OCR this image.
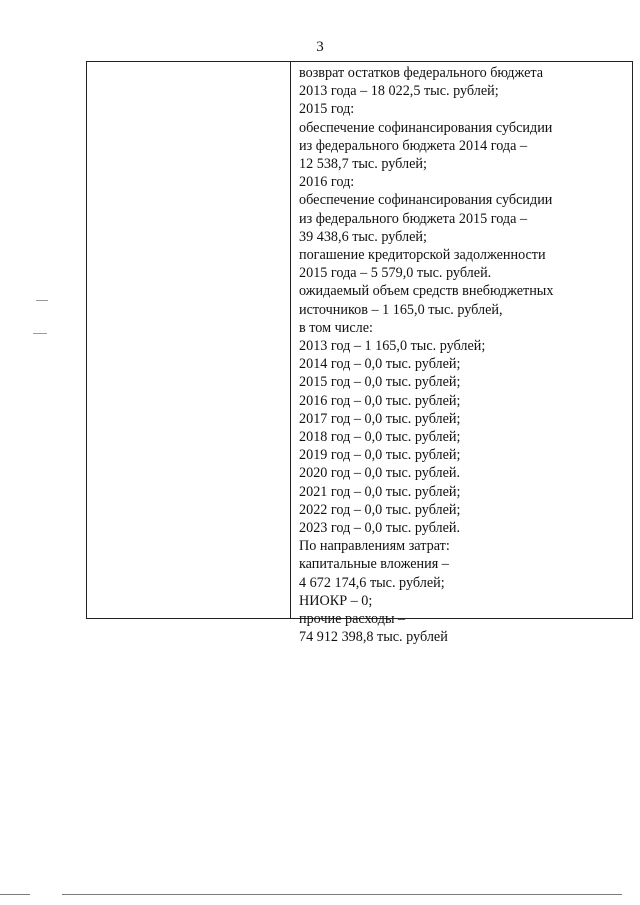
3

возврат остатков федерального бюджета

2013 года – 18 022,5 тыс. рублей;

2015 год:

обеспечение софинансирования субсидии

из федерального бюджета 2014 года –

12 538,7 тыс. рублей;

2016 год:

обеспечение софинансирования субсидии

из федерального бюджета 2015 года –

39 438,6 тыс. рублей;

погашение кредиторской задолженности

2015 года – 5 579,0 тыс. рублей.

ожидаемый объем средств внебюджетных

источников – 1 165,0 тыс. рублей,

в том числе:

2013 год – 1 165,0 тыс. рублей;

2014 год – 0,0 тыс. рублей;

2015 год – 0,0 тыс. рублей;

2016 год – 0,0 тыс. рублей;

2017 год – 0,0 тыс. рублей;

2018 год – 0,0 тыс. рублей;

2019 год – 0,0 тыс. рублей;

2020 год – 0,0 тыс. рублей.

2021 год – 0,0 тыс. рублей;

2022 год – 0,0 тыс. рублей;

2023 год – 0,0 тыс. рублей.

По направлениям затрат:

капитальные вложения –

4 672 174,6 тыс. рублей;

НИОКР – 0;

прочие расходы –

74 912 398,8 тыс. рублей
